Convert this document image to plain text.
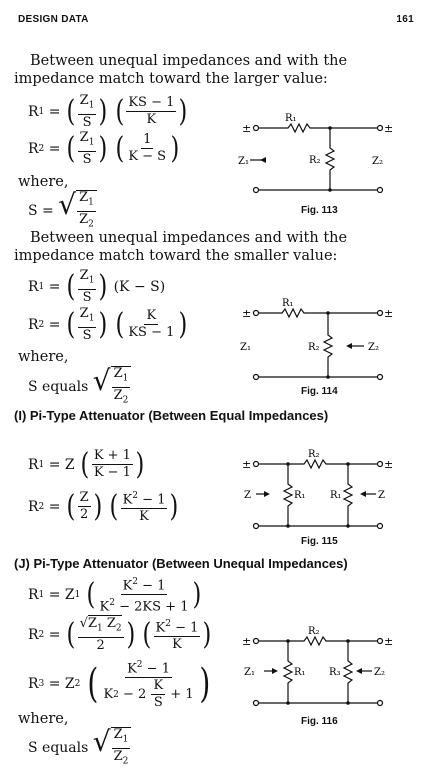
DESIGN DATA	161
Between unequal impedances and with the impedance match toward the larger value:
R 1 = ( $\frac{Z_1}{S}$ )
( $\frac{KS - 1}{K}$ )
R 2 = ( $\frac{Z_1}{S}$ )
( $\frac{1}{K - S}$ )
where,
S = √ $\frac{Z_1}{Z_2}$
±	±
R₁
R₂
Z₁	Z₂
Fig. 113
Between unequal impedances and with the impedance match toward the smaller value:
R 1 = ( $\frac{Z_1}{S}$ ) (K − S)
R 2 = ( $\frac{Z_1}{S}$ )
( $\frac{K}{KS - 1}$ )
where,
S equals
√ $\frac{Z_1}{Z_2}$
±	±
R₁
R₂
Z₁	Z₂
Fig. 114
(I) Pi-Type Attenuator (Between Equal Impedances)
R 1 = Z ( $\frac{K + 1}{K - 1}$ )
R 2 = ( $\frac{Z}{2}$ )
( $\frac{K^2 - 1}{K}$ )
±	±
R₂
R₁ R₁
Z	Z
Fig. 115
(J) Pi-Type Attenuator (Between Unequal Impedances)
R 1 = Z 1
( $\frac{K^2 - 1}{K^2 - 2KS + 1}$ )
R 2 = ( $\frac{√Z_1 Z_2}{2}$ )
( $\frac{K^2 - 1}{K}$ )
R 3 = Z 2
( $\frac{K^2 - 1}{K 2 - 2 \frac{K}{S} + 1}$ )
where,
S equals
√ $\frac{Z_1}{Z_2}$
±	±
R₂
R₁ R₃
Z₁	Z₂
Fig. 116
